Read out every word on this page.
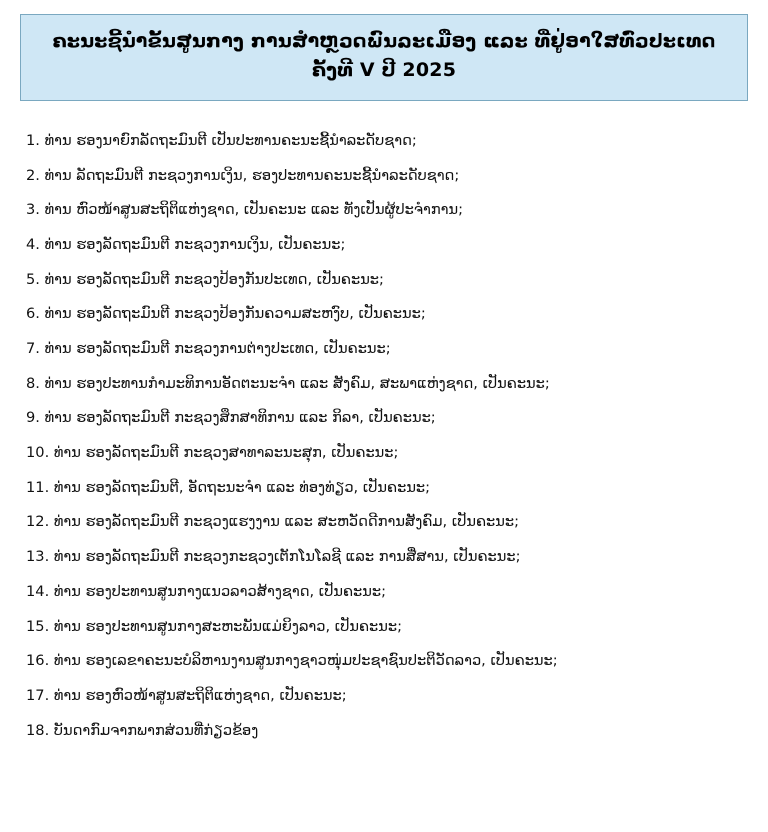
ຄະນະຊີ້ນຳຂັ້ນສູນກາງ ການສຳຫຼວດພົນລະເມືອງ ແລະ ທີ່ຢູ່ອາໃສທົ່ວປະເທດ
ຄັ້ງທີ V ປີ 2025
1. ທ່ານ ຮອງນາຍົກລັດຖະມົນຕີ ເປັນປະທານຄະນະຊີ້ນຳລະດັບຊາດ;
2. ທ່ານ ລັດຖະມົນຕີ ກະຊວງການເງິນ, ຮອງປະທານຄະນະຊີ້ນຳລະດັບຊາດ;
3. ທ່ານ ຫົວໜ້າສູນສະຖິຕິແຫ່ງຊາດ, ເປັນຄະນະ ແລະ ທັງເປັນຜູ້ປະຈຳການ;
4. ທ່ານ ຮອງລັດຖະມົນຕີ ກະຊວງການເງິນ, ເປັນຄະນະ;
5. ທ່ານ ຮອງລັດຖະມົນຕີ ກະຊວງປ້ອງກັນປະເທດ, ເປັນຄະນະ;
6. ທ່ານ ຮອງລັດຖະມົນຕີ ກະຊວງປ້ອງກັນຄວາມສະຫງົບ, ເປັນຄະນະ;
7. ທ່ານ ຮອງລັດຖະມົນຕີ ກະຊວງການຕ່າງປະເທດ, ເປັນຄະນະ;
8. ທ່ານ ຮອງປະທານກຳມະທິການອັດຕະນະຈຳ ແລະ ສັງຄົມ, ສະພາແຫ່ງຊາດ, ເປັນຄະນະ;
9. ທ່ານ ຮອງລັດຖະມົນຕີ ກະຊວງສຶກສາທິການ ແລະ ກິລາ, ເປັນຄະນະ;
10. ທ່ານ ຮອງລັດຖະມົນຕີ ກະຊວງສາທາລະນະສຸກ, ເປັນຄະນະ;
11. ທ່ານ ຮອງລັດຖະມົນຕີ, ອັດຖະນະຈຳ ແລະ ທ່ອງທ່ຽວ, ເປັນຄະນະ;
12. ທ່ານ ຮອງລັດຖະມົນຕີ ກະຊວງແຮງງານ ແລະ ສະຫວັດດີການສັງຄົມ, ເປັນຄະນະ;
13. ທ່ານ ຮອງລັດຖະມົນຕີ ກະຊວງກະຊວງເຕັກໂນໂລຊີ ແລະ ການສື່ສານ, ເປັນຄະນະ;
14. ທ່ານ ຮອງປະທານສູນກາງແນວລາວສ້າງຊາດ, ເປັນຄະນະ;
15. ທ່ານ ຮອງປະທານສູນກາງສະຫະພັນແມ່ຍິງລາວ, ເປັນຄະນະ;
16. ທ່ານ ຮອງເລຂາຄະນະບໍລິຫານງານສູນກາງຊາວໜຸ່ມປະຊາຊົນປະຕິວັດລາວ, ເປັນຄະນະ;
17. ທ່ານ ຮອງຫົວໜ້າສູນສະຖິຕິແຫ່ງຊາດ, ເປັນຄະນະ;
18. ບັນດາກົມຈາກພາກສ່ວນທີ່ກ່ຽວຂ້ອງ
